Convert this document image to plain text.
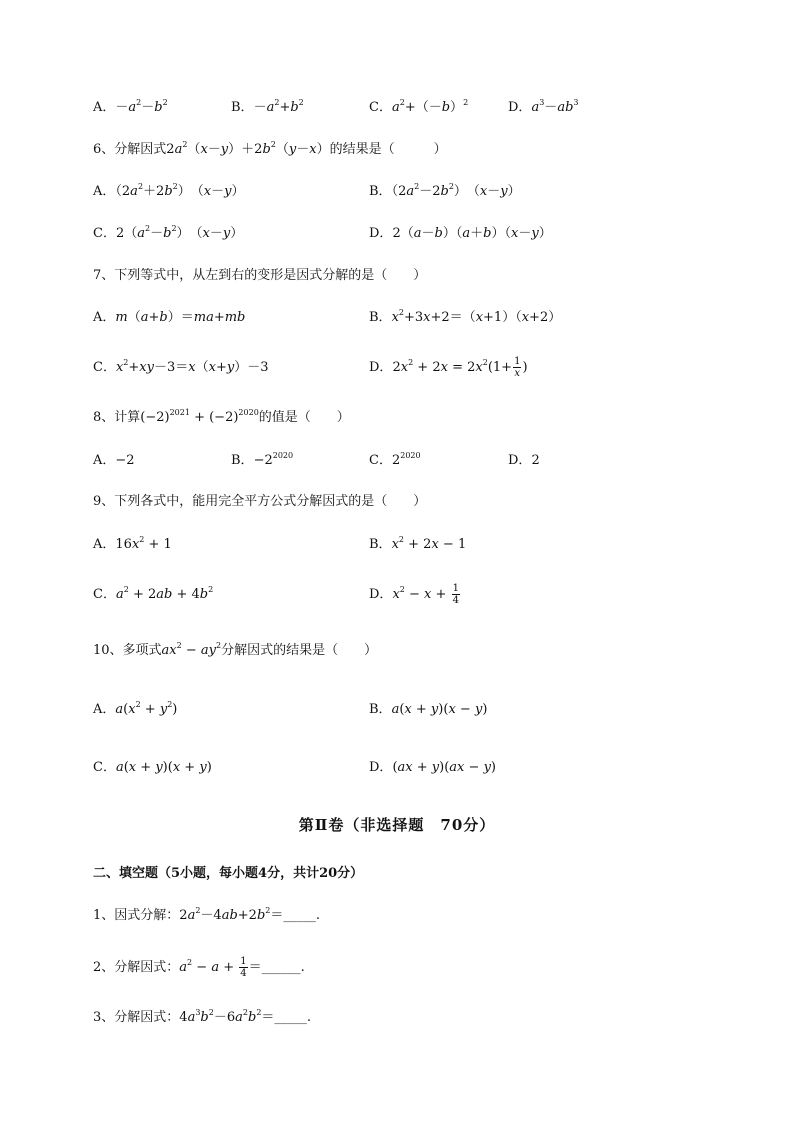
A．$-a^2-b^2$	B．$-a^2+b^2$	C．$a^2+(-b)^2$	D．$a^3-ab^3$
6、分解因式$2a^2(x-y)+2b^2(y-x)$的结果是（　　　）
A．$(2a^2+2b^2)$　（x－y）	B．$(2a^2-2b^2)$　（x－y）
C．$2(a^2-b^2)$　（x－y）	D．2（a－b）（a＋b）（x－y）
7、下列等式中，从左到右的变形是因式分解的是（　　）
A．m（a+b）＝ma+mb	B．$x^2+3x+2=(x+1)(x+2)$
C．$x^2+xy-3=x(x+y)-3$	D．$2x^2 + 2x = 2x^2(1+ \frac{1}{x}$ )
8、计算$(-2)^{2021} + (-2)^{2020}$的值是（　　）
A．−2	B．$-2^{2020}$	C．$2^{2020}$	D．2
9、下列各式中，能用完全平方公式分解因式的是（　　）
A．$16x^2 + 1$	B．$x^2 + 2x - 1$
C．$a^2 + 2ab + 4b^2$	D．$x^2 - x + \frac{1}{4}$
10、多项式$ax^2 - ay^2$分解因式的结果是（　　）
A．$a(x^2 + y^2)$	B．a(x + y)(x − y)
C．a(x + y)(x + y)	D．(ax + y)(ax − y)
第Ⅱ卷（非选择题　70分）
二、填空题（5小题，每小题4分，共计20分）
1、因式分解：$2a^2-4ab+2b^2=\_\_\_\_\_$.
2、分解因式：$a^2 - a + \frac{1}{4}$ ＝______.
3、分解因式：$4a^3b^2-6a^2b^2=\_\_\_\_\_$.
